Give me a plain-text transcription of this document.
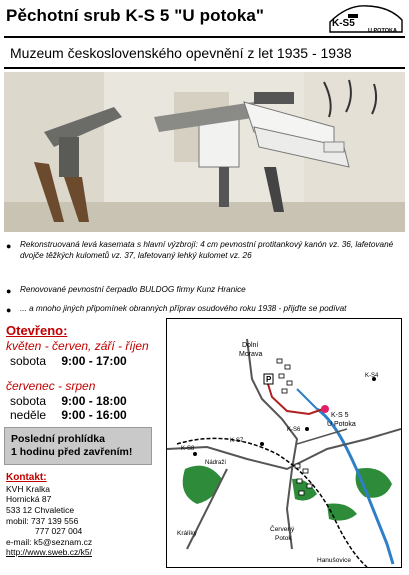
Pěchotní srub K-S 5 "U potoka"	K-S5
U POTOKA
Muzeum československého opevnění z let 1935 - 1938
● Rekonstruovaná levá kasemata s hlavní výzbrojí: 4 cm pevnostní protitankový kanón vz. 36, lafetované dvojče těžkých kulometů vz. 37, lafetovaný lehký kulomet vz. 26
● Renovované pevnostní čerpadlo BULDOG firmy Kunz Hranice
● ... a mnoho jiných připomínek obranných příprav osudového roku 1938 - přijďte se podívat
Otevřeno:
květen - červen, září - říjen
sobota 9:00 - 17:00
červenec - srpen
sobota 9:00 - 18:00
neděle 9:00 - 16:00
Poslední prohlídka
1 hodinu před zavřením!
Kontakt:
KVH Kralka
Hornická 87
533 12 Chvaletice
mobil: 737 139 556
777 027 004
e-mail: k5@seznam.cz
http://www.sweb.cz/k5/
P
Dolní
Morava
K-S4
K-S 5
U Potoka
K-S6
K-S7
K-S8
Nádraží
Králíky
Červený
Potok
Hanušovice
